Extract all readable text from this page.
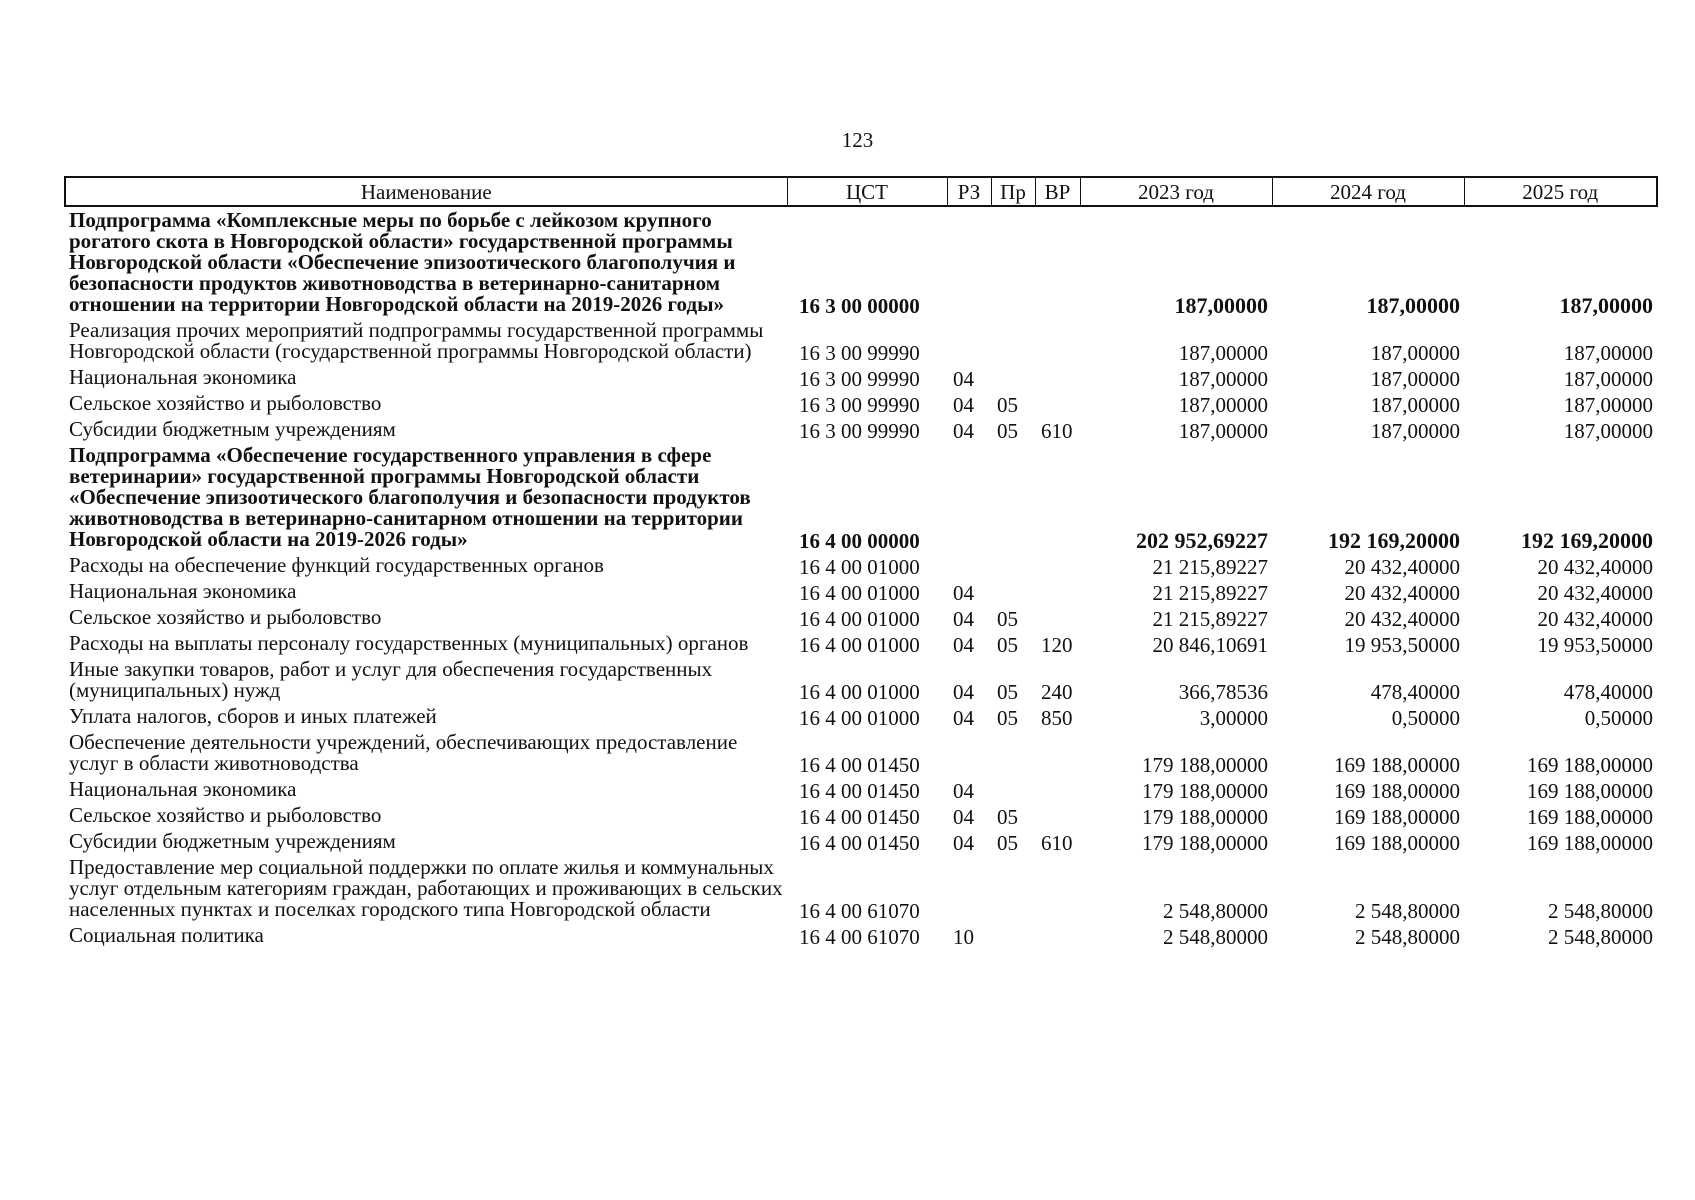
123
Наименование	ЦСТ	РЗ	Пр	ВР	2023 год	2024 год	2025 год
Подпрограмма «Комплексные меры по борьбе с лейкозом крупного рогатого скота в Новгородской области» государственной программы Новгородской области «Обеспечение эпизоотического благополучия и безопасности продуктов животноводства в ветеринарно-санитарном отношении на территории Новгородской области на 2019-2026 годы»	16 3 00 00000				187,00000	187,00000	187,00000
Реализация прочих мероприятий подпрограммы государственной программы Новгородской области (государственной программы Новгородской области)	16 3 00 99990				187,00000	187,00000	187,00000
Национальная экономика	16 3 00 99990	04			187,00000	187,00000	187,00000
Сельское хозяйство и рыболовство	16 3 00 99990	04	05		187,00000	187,00000	187,00000
Субсидии бюджетным учреждениям	16 3 00 99990	04	05	610	187,00000	187,00000	187,00000
Подпрограмма «Обеспечение государственного управления в сфере ветеринарии» государственной программы Новгородской области «Обеспечение эпизоотического благополучия и безопасности продуктов животноводства в ветеринарно-санитарном отношении на территории Новгородской области на 2019-2026 годы»	16 4 00 00000				202 952,69227	192 169,20000	192 169,20000
Расходы на обеспечение функций государственных органов	16 4 00 01000				21 215,89227	20 432,40000	20 432,40000
Национальная экономика	16 4 00 01000	04			21 215,89227	20 432,40000	20 432,40000
Сельское хозяйство и рыболовство	16 4 00 01000	04	05		21 215,89227	20 432,40000	20 432,40000
Расходы на выплаты персоналу государственных (муниципальных) органов	16 4 00 01000	04	05	120	20 846,10691	19 953,50000	19 953,50000
Иные закупки товаров, работ и услуг для обеспечения государственных (муниципальных) нужд	16 4 00 01000	04	05	240	366,78536	478,40000	478,40000
Уплата налогов, сборов и иных платежей	16 4 00 01000	04	05	850	3,00000	0,50000	0,50000
Обеспечение деятельности учреждений, обеспечивающих предоставление услуг в области животноводства	16 4 00 01450				179 188,00000	169 188,00000	169 188,00000
Национальная экономика	16 4 00 01450	04			179 188,00000	169 188,00000	169 188,00000
Сельское хозяйство и рыболовство	16 4 00 01450	04	05		179 188,00000	169 188,00000	169 188,00000
Субсидии бюджетным учреждениям	16 4 00 01450	04	05	610	179 188,00000	169 188,00000	169 188,00000
Предоставление мер социальной поддержки по оплате жилья и коммунальных услуг отдельным категориям граждан, работающих и проживающих в сельских населенных пунктах и поселках городского типа Новгородской области	16 4 00 61070				2 548,80000	2 548,80000	2 548,80000
Социальная политика	16 4 00 61070	10			2 548,80000	2 548,80000	2 548,80000
